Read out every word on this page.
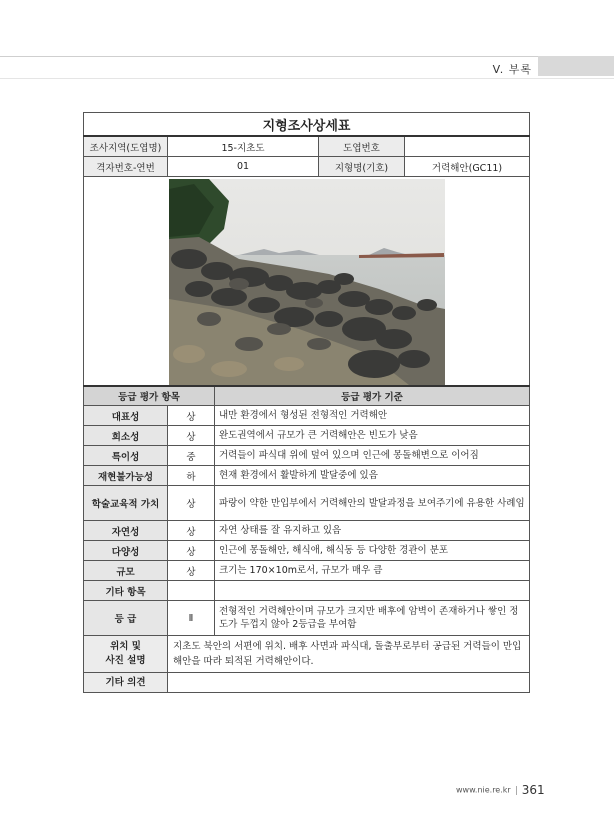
V. 부록
지형조사상세표				
조사지역(도엽명)	15-지초도		도엽번호	
격자번호-연번	01		지형명(기호)	거력해안(GC11)

등급 평가 항목		등급 평가 기준		
대표성	상	내만 환경에서 형성된 전형적인 거력해안		
희소성	상	완도권역에서 규모가 큰 거력해안은 빈도가 낮음		
특이성	중	거력들이 파식대 위에 덮여 있으며 인근에 몽돌해변으로 이어짐		
재현불가능성	하	현재 환경에서 활발하게 발달중에 있음		
학술교육적 가치	상	파랑이 약한 만입부에서 거력해안의 발달과정을 보여주기에 유용한 사례임		
자연성	상	자연 상태를 잘 유지하고 있음		
다양성	상	인근에 몽돌해안, 해식애, 해식동 등 다양한 경관이 분포		
규모	상	크기는 170×10m로서, 규모가 매우 큼		
기타 항목				
등 급	Ⅱ	전형적인 거력해안이며 규모가 크지만 배후에 암벽이 존재하거나 쌓인 정도가 두껍지 않아 2등급을 부여함		
위치 및
사진 설명	지초도 북안의 서편에 위치. 배후 사면과 파식대, 돌출부로부터 공급된 거력들이 만입 해안을 따라 퇴적된 거력해안이다.			
기타 의견				
www.nie.re.kr 361
